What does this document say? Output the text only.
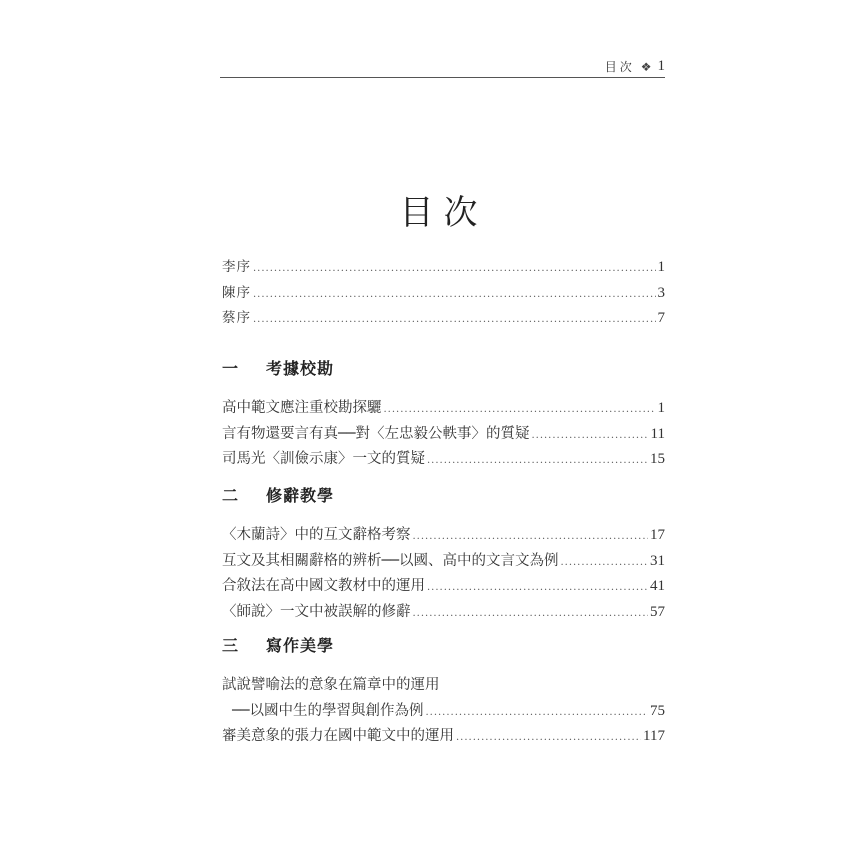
目次 ❖ 1
目次
李序 .....	1
陳序 .....	3
蔡序 .....	7
一	考據校勘
高中範文應注重校勘探驪 .....	1
言有物還要言有真──對〈左忠毅公軼事〉的質疑 .....	11
司馬光〈訓儉示康〉一文的質疑 .....	15
二	修辭教學
〈木蘭詩〉中的互文辭格考察 .....	17
互文及其相關辭格的辨析──以國、高中的文言文為例 .....	31
合敘法在高中國文教材中的運用 .....	41
〈師說〉一文中被誤解的修辭 .....	57
三	寫作美學
試說譬喻法的意象在篇章中的運用
──以國中生的學習與創作為例 .....	75
審美意象的張力在國中範文中的運用 .....	117
